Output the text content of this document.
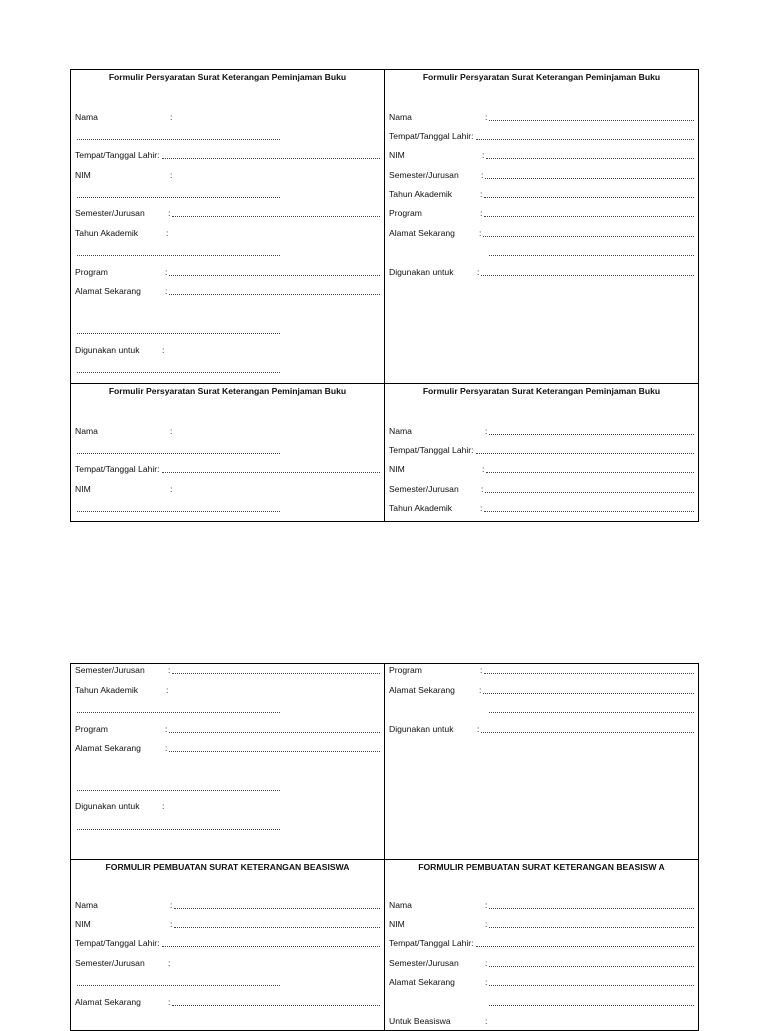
Formulir Persyaratan Surat Keterangan Peminjaman Buku
Nama	:
Tempat/Tanggal Lahir:
NIM	:
Semester/Jurusan	:
Tahun Akademik	:
Program	:
Alamat Sekarang	:
Digunakan untuk	:
Formulir Persyaratan Surat Keterangan Peminjaman Buku
Nama	:
Tempat/Tanggal Lahir:
NIM	:
Semester/Jurusan	:
Tahun Akademik	:
Program	:
Alamat Sekarang	:
Digunakan untuk	:
Formulir Persyaratan Surat Keterangan Peminjaman Buku
Nama	:
Tempat/Tanggal Lahir:
NIM	:
Formulir Persyaratan Surat Keterangan Peminjaman Buku
Nama	:
Tempat/Tanggal Lahir:
NIM	:
Semester/Jurusan	:
Tahun Akademik	:
Semester/Jurusan	:
Tahun Akademik	:
Program	:
Alamat Sekarang	:
Digunakan untuk	:
Program	:
Alamat Sekarang	:
Digunakan untuk	:
FORMULIR PEMBUATAN SURAT KETERANGAN BEASISWA
Nama	:
NIM	:
Tempat/Tanggal Lahir:
Semester/Jurusan	:
Alamat Sekarang	:
FORMULIR PEMBUATAN SURAT KETERANGAN BEASISW A
Nama	:
NIM	:
Tempat/Tanggal Lahir:
Semester/Jurusan	:
Alamat Sekarang	:
Untuk Beasiswa	:
